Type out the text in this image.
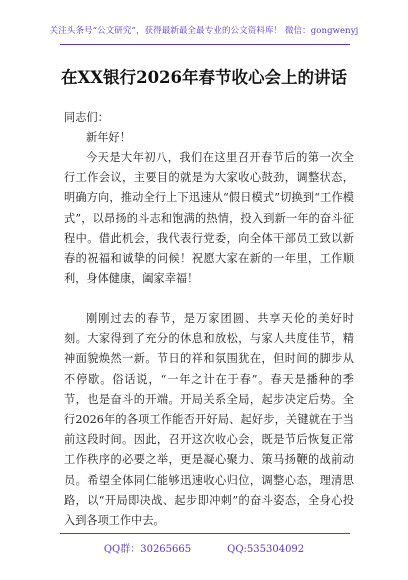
关注头条号“公文研究”，获得最新最全最专业的公文资料库！ 微信：gongwenyj
在XX银行2026年春节收心会上的讲话
同志们：
新年好！
今天是大年初八，我们在这里召开春节后的第一次全行工作会议，主要目的就是为大家收心鼓劲，调整状态，明确方向，推动全行上下迅速从“假日模式”切换到“工作模式”，以昂扬的斗志和饱满的热情，投入到新一年的奋斗征程中。借此机会，我代表行党委，向全体干部员工致以新春的祝福和诚挚的问候！祝愿大家在新的一年里，工作顺利，身体健康，阖家幸福！
刚刚过去的春节，是万家团圆、共享天伦的美好时刻。大家得到了充分的休息和放松，与家人共度佳节，精神面貌焕然一新。节日的祥和氛围犹在，但时间的脚步从不停歇。俗话说，“一年之计在于春”。春天是播种的季节，也是奋斗的开端。开局关系全局，起步决定后势。全行2026年的各项工作能否开好局、起好步，关键就在于当前这段时间。因此，召开这次收心会，既是节后恢复正常工作秩序的必要之举，更是凝心聚力、策马扬鞭的战前动员。希望全体同仁能够迅速收心归位，调整心态，理清思路，以“开局即决战、起步即冲刺”的奋斗姿态，全身心投入到各项工作中去。
QQ群：30265665	QQ:535304092
